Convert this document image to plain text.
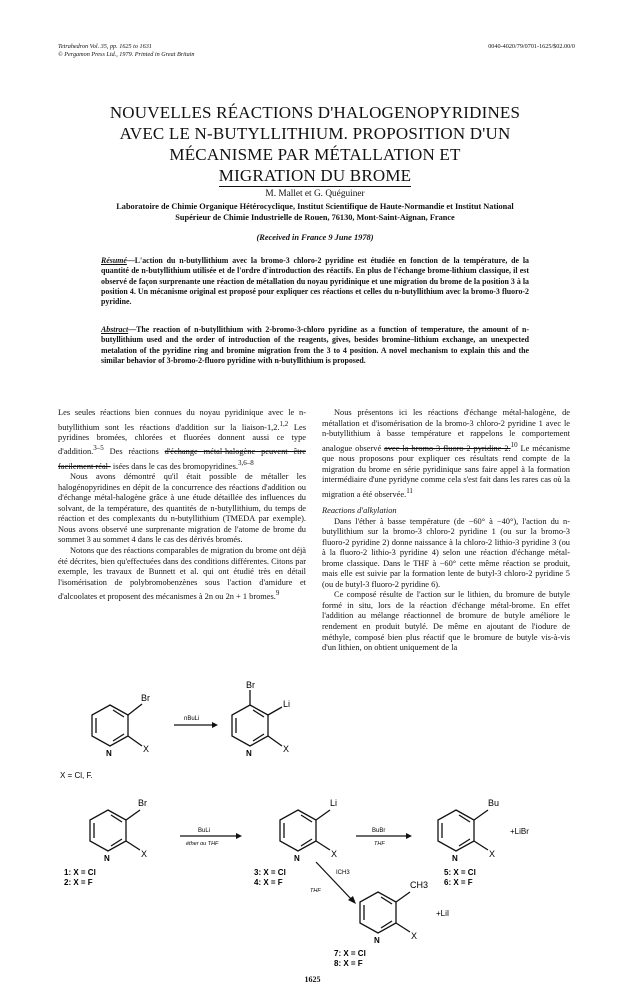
Tetrahedron Vol. 35, pp. 1625 to 1631
© Pergamon Press Ltd., 1979. Printed in Great Britain
0040-4020/79/0701-1625/$02.00/0
NOUVELLES RÉACTIONS D'HALOGENOPYRIDINES
AVEC LE N-BUTYLLITHIUM. PROPOSITION D'UN
MÉCANISME PAR MÉTALLATION ET
MIGRATION DU BROME
M. Mallet et G. Quéguiner
Laboratoire de Chimie Organique Hétérocyclique, Institut Scientifique de Haute-Normandie et Institut National
Supérieur de Chimie Industrielle de Rouen, 76130, Mont-Saint-Aignan, France
(Received in France 9 June 1978)
Résumé—L'action du n-butyllithium avec la bromo-3 chloro-2 pyridine est étudiée en fonction de la température, de la quantité de n-butyllithium utilisée et de l'ordre d'introduction des réactifs. En plus de l'échange brome-lithium classique, il est observé de façon surprenante une réaction de métallation du noyau pyridinique et une migration du brome de la position 3 à la position 4. Un mécanisme original est proposé pour expliquer ces réactions et celles du n-butyllithium avec la bromo-3 fluoro-2 pyridine.
Abstract—The reaction of n-butyllithium with 2-bromo-3-chloro pyridine as a function of temperature, the amount of n-butyllithium used and the order of introduction of the reagents, gives, besides bromine–lithium exchange, an unexpected metalation of the pyridine ring and bromine migration from the 3 to 4 position. A novel mechanism to explain this and the similar behavior of 3-bromo-2-fluoro pyridine with n-butyllithium is proposed.

Les seules réactions bien connues du noyau pyridinique avec le n-butyllithium sont les réactions d'addition sur la liaison-1,2.$^{1,2}$ Les pyridines bromées, chlorées et fluorées donnent aussi ce type d'addition.$^{3-5}$ Des réactions d'échange métal-halogène peuvent être facilement réal- isées dans le cas des bromopyridines.$^{3,6-8}$

Nous avons démontré qu'il était possible de métaller les halogénopyridines en dépit de la concurrence des réactions d'addition ou d'échange métal-halogène grâce à une étude détaillée des influences du solvant, de la température, des quantités de n-butyllithium, du temps de réaction et des complexants du n-butyllithium (TMEDA par exemple). Nous avons observé une surprenante migration de l'atome de brome du sommet 3 au sommet 4 dans le cas des dérivés bromés.

Notons que des réactions comparables de migration du brome ont déjà été décrites, bien qu'effectuées dans des conditions différentes. Citons par exemple, les travaux de Bunnett et al. qui ont étudié très en détail l'isomérisation de polybromobenzènes sous l'action d'amidure et d'alcoolates et proposent des mécanismes à 2n ou 2n + 1 bromes.$^9$

Nous présentons ici les réactions d'échange métal-halogène, de métallation et d'isomérisation de la bromo-3 chloro-2 pyridine 1 avec le n-butyllithium à basse température et rappelons le comportement analogue observé avec la bromo-3 fluoro-2 pyridine 2.10 Le mécanisme que nous proposons pour expliquer ces résultats rend compte de la migration du brome en série pyridinique sans faire appel à la formation intermédiaire d'une pyridyne comme cela s'est fait dans les rares cas où la migration a été observée.$^{11}$

Reactions d'alkylation

Dans l'éther à basse température (de −60° à −40°), l'action du n-butyllithium sur la bromo-3 chloro-2 pyridine 1 (ou sur la bromo-3 fluoro-2 pyridine 2) donne naissance à la chloro-2 lithio-3 pyridine 3 (ou à la fluoro-2 lithio-3 pyridine 4) selon une réaction d'échange métal-brome classique. Dans le THF à −60° cette même réaction se produit, mais elle est suivie par la formation lente de butyl-3 chloro-2 pyridine 5 (ou de butyl-3 fluoro-2 pyridine 6).

Ce composé résulte de l'action sur le lithien, du bromure de butyle formé in situ, lors de la réaction d'échange métal-brome. En effet l'addition au mélange réactionnel de bromure de butyle améliore le rendement en produit butylé. De même en ajoutant de l'iodure de méthyle, composé bien plus réactif que le bromure de butyle vis-à-vis d'un lithien, on obtient uniquement de la

Br
X
N
nBuLi
Br
Li
X
N
X = Cl, F.
Br
X
N
1: X = Cl
2: X = F
BuLi
éther ou THF
Li
X
N
3: X = Cl
4: X = F
BuBr
THF
Bu
X
N
+LiBr
5: X = Cl
6: X = F
ICH3
THF
CH3
X
N
+LiI
7: X = Cl
8: X = F
1625
